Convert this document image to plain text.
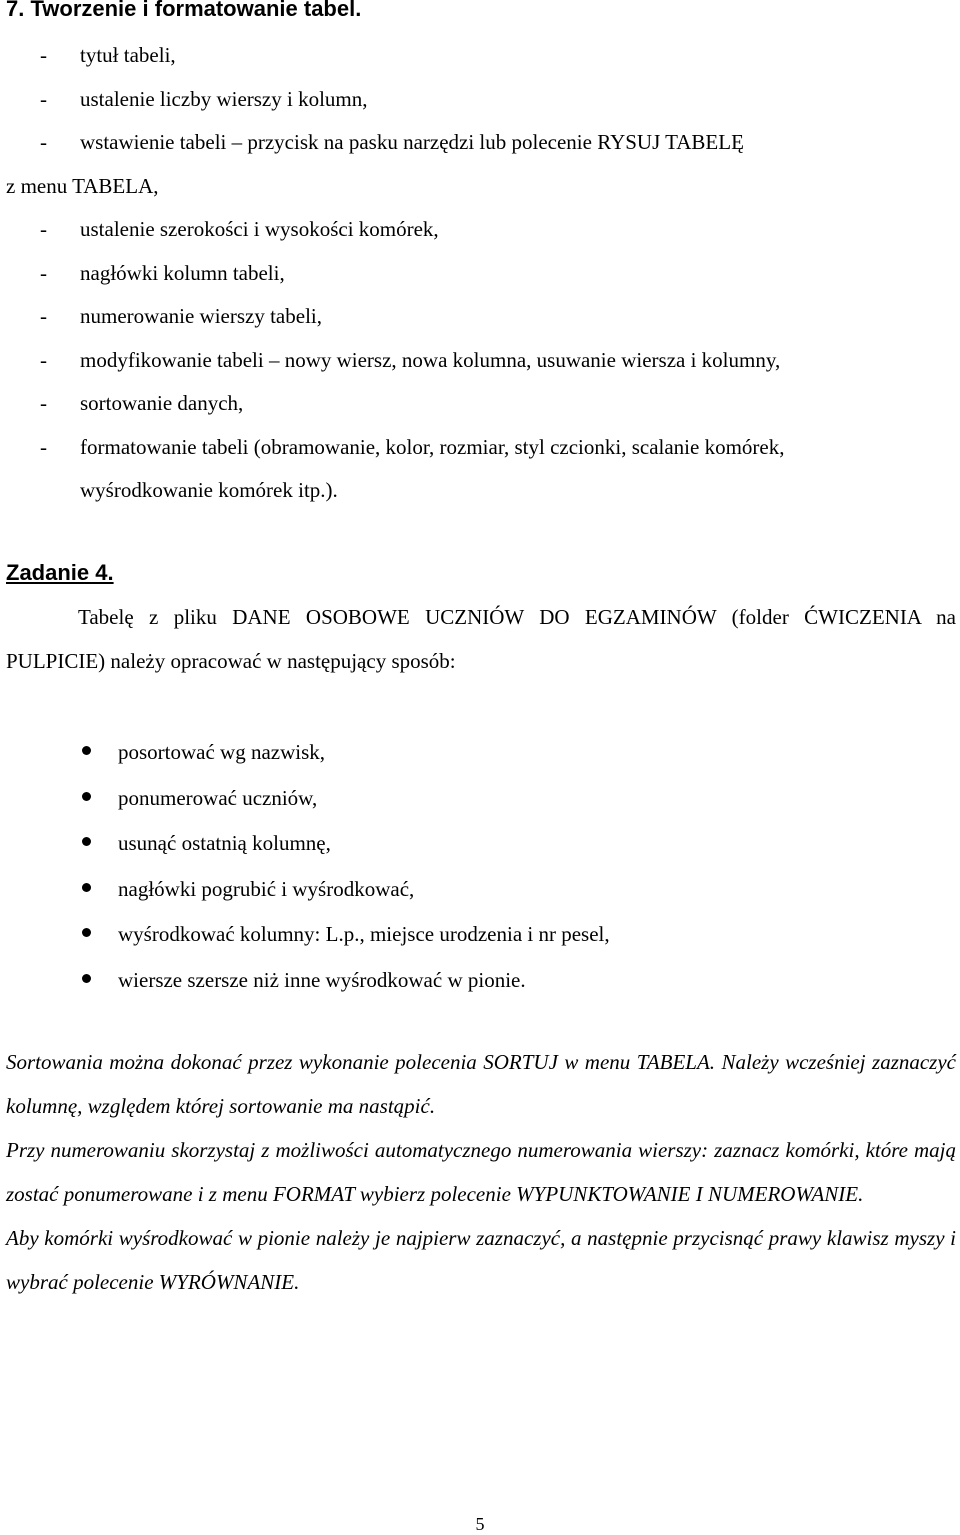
7. Tworzenie i formatowanie tabel.
- tytuł tabeli,
- ustalenie liczby wierszy i kolumn,
- wstawienie tabeli – przycisk na pasku narzędzi lub polecenie RYSUJ TABELĘ
z menu TABELA,
- ustalenie szerokości i wysokości komórek,
- nagłówki kolumn tabeli,
- numerowanie wierszy tabeli,
- modyfikowanie tabeli – nowy wiersz, nowa kolumna, usuwanie wiersza i kolumny,
- sortowanie danych,
- formatowanie tabeli (obramowanie, kolor, rozmiar, styl czcionki, scalanie komórek,
wyśrodkowanie komórek itp.).
Zadanie 4.

Tabelę z pliku DANE OSOBOWE UCZNIÓW DO EGZAMINÓW (folder ĆWICZENIA na PULPICIE) należy opracować w następujący sposób:

posortować wg nazwisk,
ponumerować uczniów,
usunąć ostatnią kolumnę,
nagłówki pogrubić i wyśrodkować,
wyśrodkować kolumny: L.p., miejsce urodzenia i nr pesel,
wiersze szersze niż inne wyśrodkować w pionie.

Sortowania można dokonać przez wykonanie polecenia SORTUJ w menu TABELA. Należy wcześniej zaznaczyć kolumnę, względem której sortowanie ma nastąpić.

Przy numerowaniu skorzystaj z możliwości automatycznego numerowania wierszy: zaznacz komórki, które mają zostać ponumerowane i z menu FORMAT wybierz polecenie WYPUNKTOWANIE I NUMEROWANIE.

Aby komórki wyśrodkować w pionie należy je najpierw zaznaczyć, a następnie przycisnąć prawy klawisz myszy i wybrać polecenie WYRÓWNANIE.

5
